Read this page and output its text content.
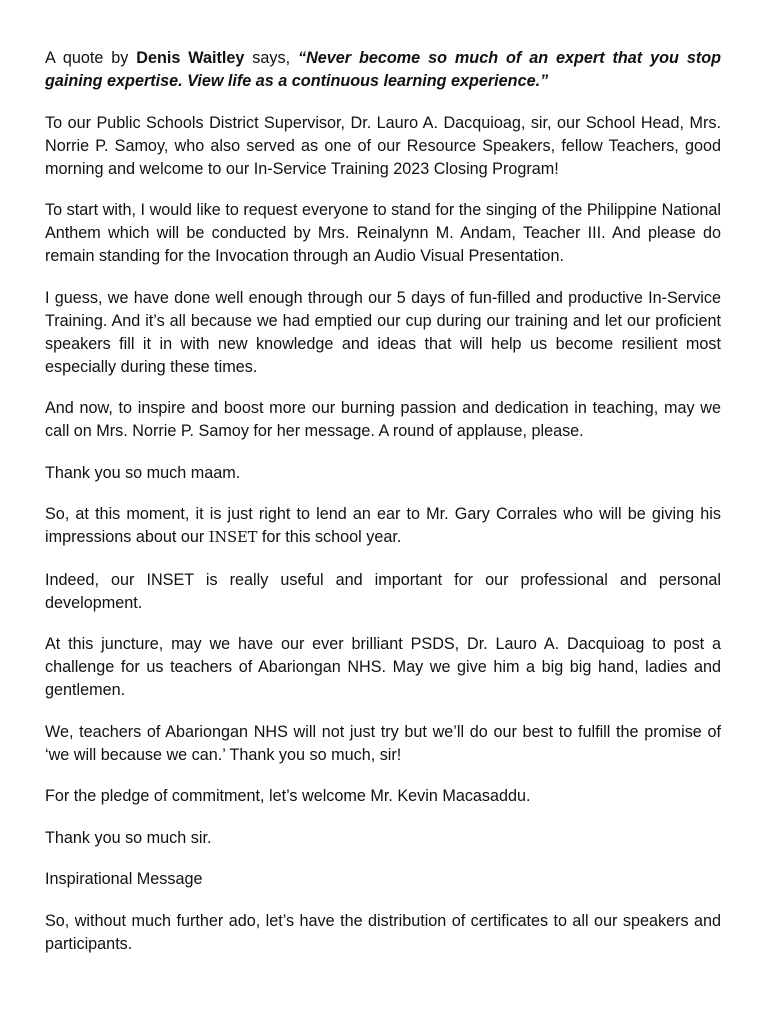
A quote by Denis Waitley says, “Never become so much of an expert that you stop gaining expertise. View life as a continuous learning experience.”

To our Public Schools District Supervisor, Dr. Lauro A. Dacquioag, sir, our School Head, Mrs. Norrie P. Samoy, who also served as one of our Resource Speakers, fellow Teachers, good morning and welcome to our In-Service Training 2023 Closing Program!

To start with, I would like to request everyone to stand for the singing of the Philippine National Anthem which will be conducted by Mrs. Reinalynn M. Andam, Teacher III. And please do remain standing for the Invocation through an Audio Visual Presentation.

I guess, we have done well enough through our 5 days of fun-filled and productive In-Service Training. And it’s all because we had emptied our cup during our training and let our proficient speakers fill it in with new knowledge and ideas that will help us become resilient most especially during these times.

And now, to inspire and boost more our burning passion and dedication in teaching, may we call on Mrs. Norrie P. Samoy for her message. A round of applause, please.

Thank you so much maam.

So, at this moment, it is just right to lend an ear to Mr. Gary Corrales who will be giving his impressions about our INSET for this school year.

Indeed, our INSET is really useful and important for our professional and personal development.

At this juncture, may we have our ever brilliant PSDS, Dr. Lauro A. Dacquioag to post a challenge for us teachers of Abariongan NHS. May we give him a big big hand, ladies and gentlemen.

We, teachers of Abariongan NHS will not just try but we’ll do our best to fulfill the promise of ‘we will because we can.’ Thank you so much, sir!

For the pledge of commitment, let’s welcome Mr. Kevin Macasaddu.

Thank you so much sir.

Inspirational Message

So, without much further ado, let’s have the distribution of certificates to all our speakers and participants.
